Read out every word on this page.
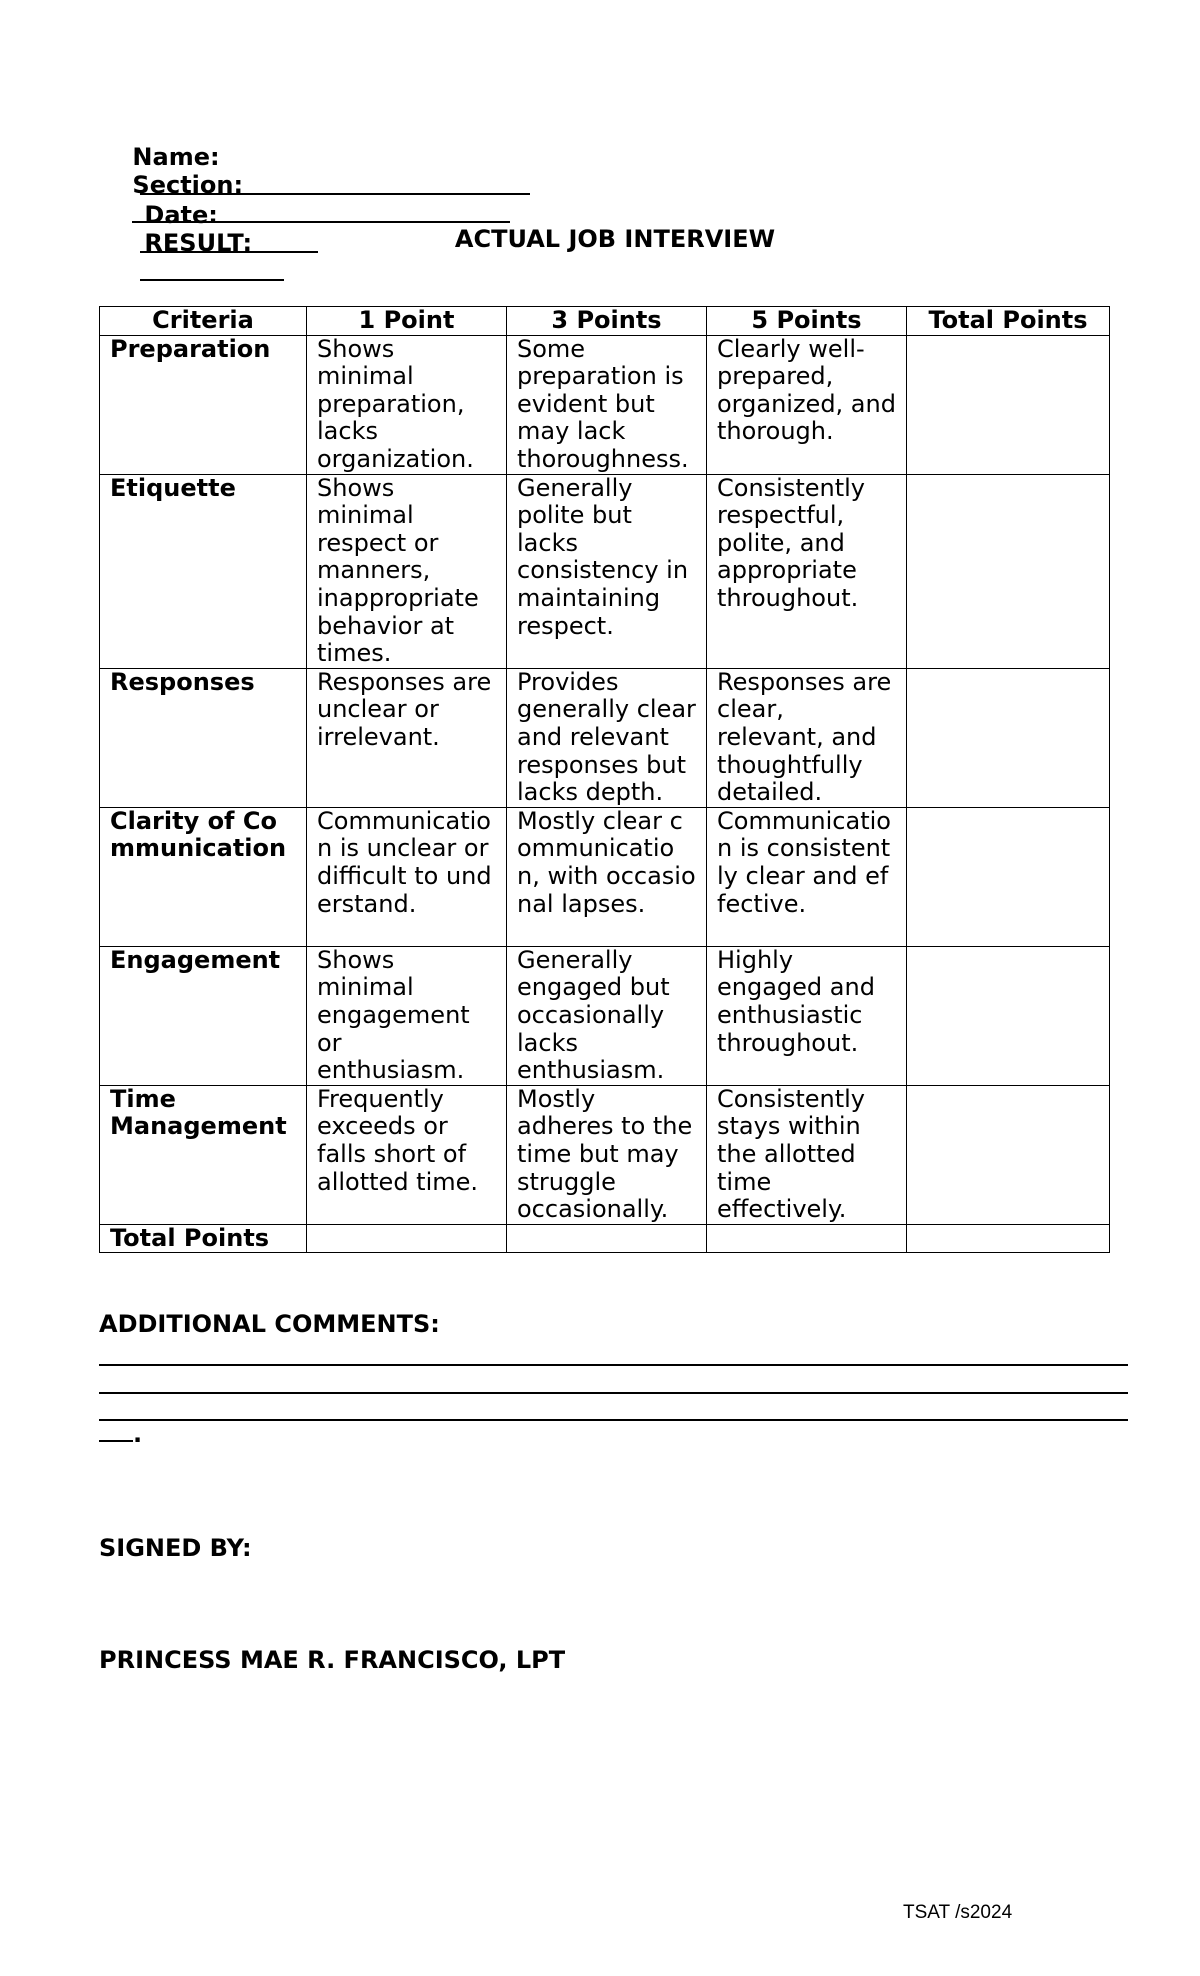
Name:

Date:

Section:

RESULT:

	ACTUAL JOB INTERVIEW
Criteria	1 Point	3 Points	5 Points	Total Points
Preparation	Shows minimal preparation, lacks organization.	Some preparation is evident but may lack thoroughness.	Clearly well-prepared, organized, and thorough.	
Etiquette	Shows minimal respect or manners, inappropriate behavior at times.	Generally polite but lacks consistency in maintaining respect.	Consistently respectful, polite, and appropriate throughout.	
Responses	Responses are unclear or irrelevant.	Provides generally clear and relevant responses but lacks depth.	Responses are clear, relevant, and thoughtfully detailed.	
Clarity of Communication	Communication is unclear or difficult to understand.	Mostly clear communication, with occasional lapses.	Communication is consistently clear and effective.	
Engagement	Shows minimal engagement or enthusiasm.	Generally engaged but occasionally lacks enthusiasm.	Highly engaged and enthusiastic throughout.	
Time Management	Frequently exceeds or falls short of allotted time.	Mostly adheres to the time but may struggle occasionally.	Consistently stays within the allotted time effectively.	
Total Points				
ADDITIONAL COMMENTS:
.
SIGNED BY:
PRINCESS MAE R. FRANCISCO, LPT
TSAT /s2024
